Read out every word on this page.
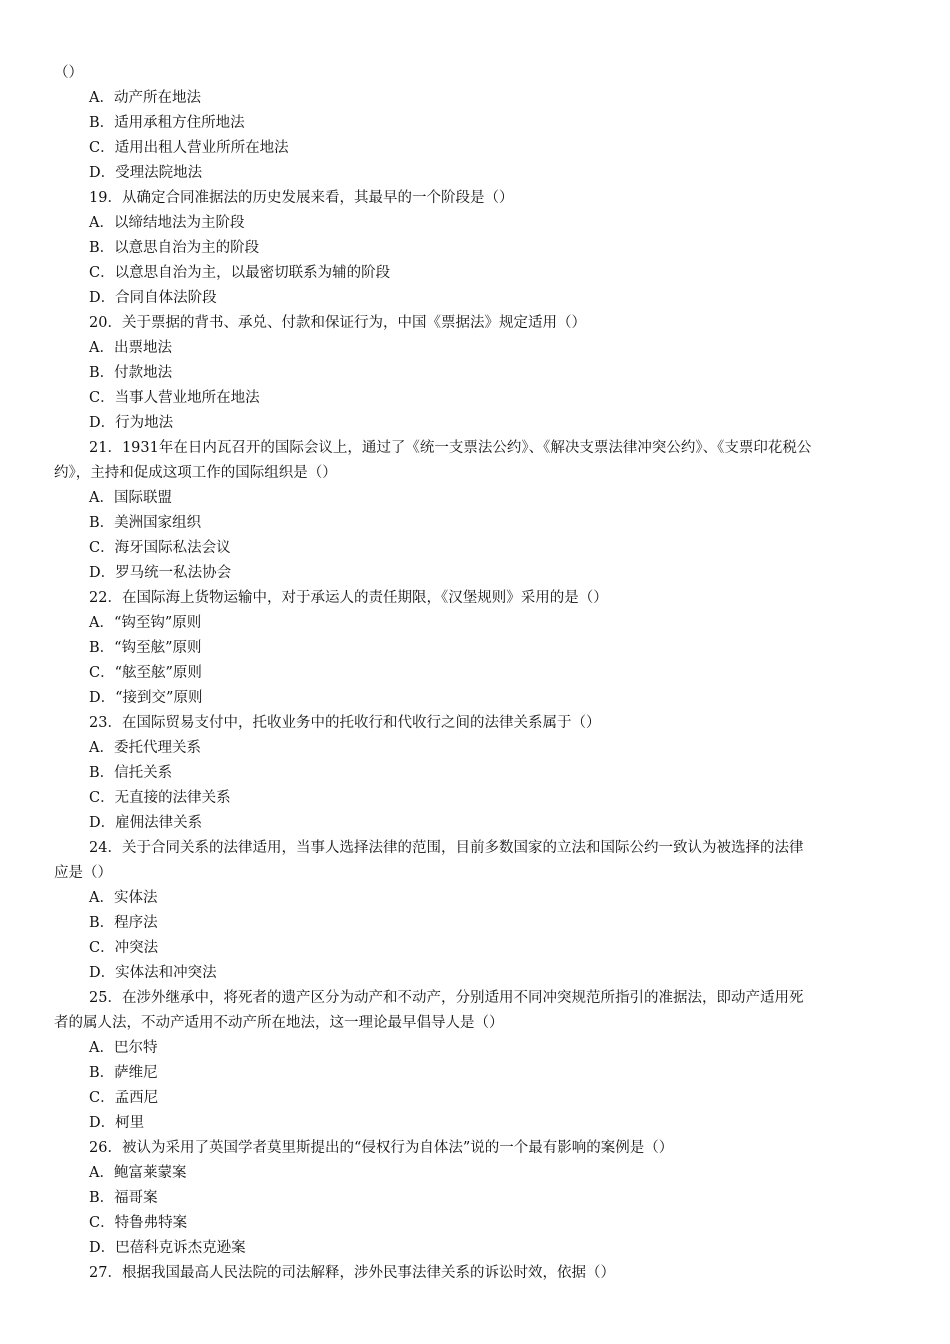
（）
A．动产所在地法
B．适用承租方住所地法
C．适用出租人营业所所在地法
D．受理法院地法
19．从确定合同准据法的历史发展来看，其最早的一个阶段是（）
A．以缔结地法为主阶段
B．以意思自治为主的阶段
C．以意思自治为主，以最密切联系为辅的阶段
D．合同自体法阶段
20．关于票据的背书、承兑、付款和保证行为，中国《票据法》规定适用（）
A．出票地法
B．付款地法
C．当事人营业地所在地法
D．行为地法
21．1931年在日内瓦召开的国际会议上，通过了《统一支票法公约》、《解决支票法律冲突公约》、《支票印花税公
约》，主持和促成这项工作的国际组织是（）
A．国际联盟
B．美洲国家组织
C．海牙国际私法会议
D．罗马统一私法协会
22．在国际海上货物运输中，对于承运人的责任期限，《汉堡规则》采用的是（）
A．“钩至钩”原则
B．“钩至舷”原则
C．“舷至舷”原则
D．“接到交”原则
23．在国际贸易支付中，托收业务中的托收行和代收行之间的法律关系属于（）
A．委托代理关系
B．信托关系
C．无直接的法律关系
D．雇佣法律关系
24．关于合同关系的法律适用，当事人选择法律的范围，目前多数国家的立法和国际公约一致认为被选择的法律
应是（）
A．实体法
B．程序法
C．冲突法
D．实体法和冲突法
25．在涉外继承中，将死者的遗产区分为动产和不动产，分别适用不同冲突规范所指引的准据法，即动产适用死
者的属人法，不动产适用不动产所在地法，这一理论最早倡导人是（）
A．巴尔特
B．萨维尼
C．孟西尼
D．柯里
26．被认为采用了英国学者莫里斯提出的“侵权行为自体法”说的一个最有影响的案例是（）
A．鲍富莱蒙案
B．福哥案
C．特鲁弗特案
D．巴蓓科克诉杰克逊案
27．根据我国最高人民法院的司法解释，涉外民事法律关系的诉讼时效，依据（）
